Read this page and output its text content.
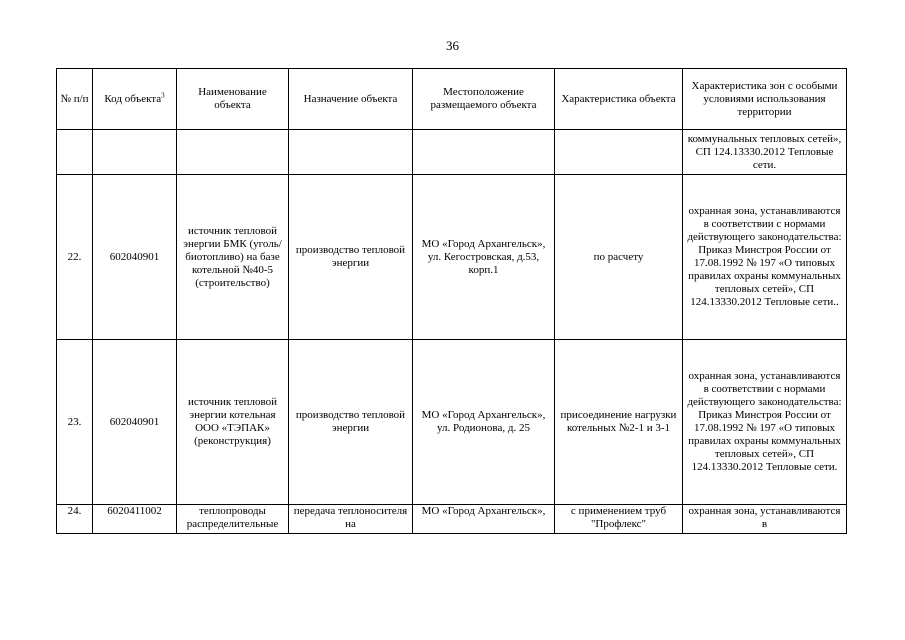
36
№ п/п	Код объекта$^3$	Наименование объекта	Назначение объекта	Местоположение размещаемого объекта	Характеристика объекта	Характеристика зон с особыми условиями использования территории
						коммунальных тепловых сетей», СП 124.13330.2012 Тепловые сети.
22.	602040901	источник тепловой энергии БМК (уголь/биотопливо) на базе котельной №40-5 (строительство)	производство тепловой энергии	МО «Город Архангельск», ул. Кегостровская, д.53, корп.1	по расчету	охранная зона, устанавливаются в соответствии с нормами действующего законодательства: Приказ Минстроя России от 17.08.1992 № 197 «О типовых правилах охраны коммунальных тепловых сетей», СП 124.13330.2012 Тепловые сети..
23.	602040901	источник тепловой энергии котельная ООО «ТЭПАК» (реконструкция)	производство тепловой энергии	МО «Город Архангельск», ул. Родионова, д. 25	присоединение нагрузки котельных №2-1 и 3-1	охранная зона, устанавливаются в соответствии с нормами действующего законодательства: Приказ Минстроя России от 17.08.1992 № 197 «О типовых правилах охраны коммунальных тепловых сетей», СП 124.13330.2012 Тепловые сети.
24.	6020411002	теплопроводы распределительные	передача теплоносителя на	МО «Город Архангельск»,	с применением труб "Профлекс"	охранная зона, устанавливаются в
